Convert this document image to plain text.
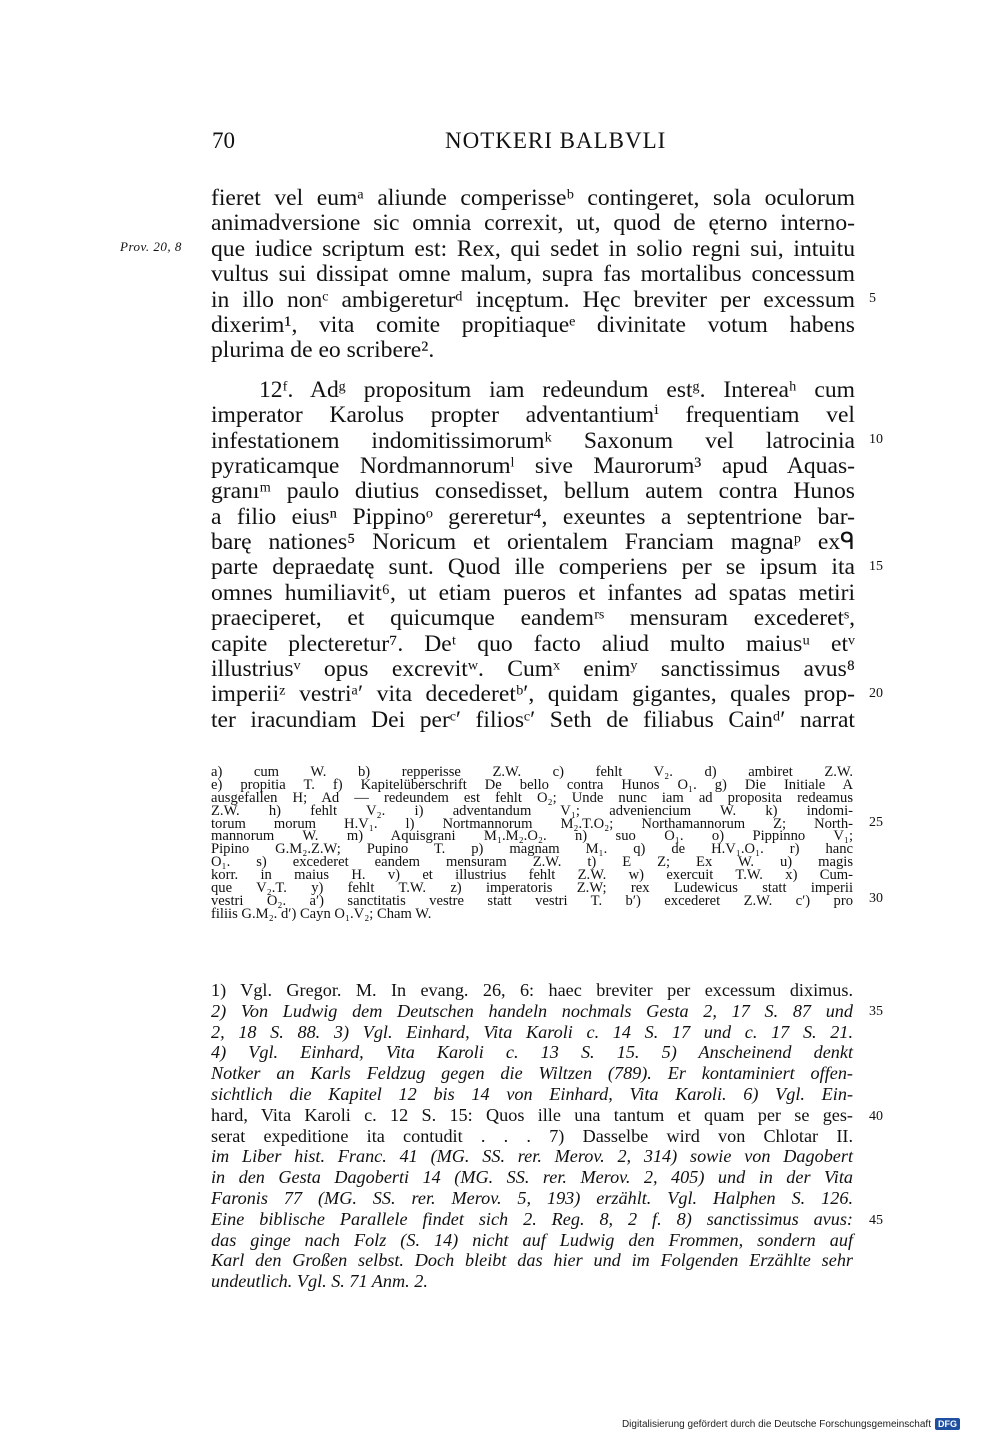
70	NOTKERI BALBVLI
Prov. 20, 8
fieret vel eumᵃ aliunde comperisseᵇ contingeret, sola oculorum
animadversione sic omnia correxit, ut, quod de ęterno interno-
que iudice scriptum est: Rex, qui sedet in solio regni sui, intuitu
vultus sui dissipat omne malum, supra fas mortalibus concessum
in illo nonᶜ ambigereturᵈ incęptum. Hęc breviter per excessum
dixerim¹, vita comite propitiaqueᵉ divinitate votum habens
plurima de eo scribere².
12ᶠ. Adᵍ propositum iam redeundum estᵍ. Intereaʰ cum
imperator Karolus propter adventantiumⁱ frequentiam vel
infestationem indomitissimorumᵏ Saxonum vel latrocinia
pyraticamque Nordmannorumˡ sive Maurorum³ apud Aquas-
granıᵐ paulo diutius consedisset, bellum autem contra Hunos
a filio eiusⁿ Pippinoᵒ gereretur⁴, exeuntes a septentrione bar-
barę nationes⁵ Noricum et orientalem Franciam magnaᵖ exᑫ
parte depraedatę sunt. Quod ille comperiens per se ipsum ita
omnes humiliavit⁶, ut etiam pueros et infantes ad spatas metiri
praeciperet, et quicumque eandemʳˢ mensuram excederetˢ,
capite plecteretur⁷. Deᵗ quo facto aliud multo maiusᵘ etᵛ
illustriusᵛ opus excrevitʷ. Cumˣ enimʸ sanctissimus avus⁸
imperiiᶻ vestriᵃ′ vita decederetᵇ′, quidam gigantes, quales prop-
ter iracundiam Dei perᶜ′ filiosᶜ′ Seth de filiabus Cainᵈ′ narrat
5
10
15
20
a) cum W. b) repperisse Z.W. c) fehlt V₂. d) ambiret Z.W.
e) propitia T. f) Kapitelüberschrift De bello contra Hunos O₁. g) Die Initiale A
ausgefallen H; Ad — redeundem est fehlt O₂; Unde nunc iam ad proposita redeamus
Z.W. h) fehlt V₂. i) adventandum V₁; adveniencium W. k) indomi-
torum morum H.V₁. l) Nortmannorum M₂.T.O₂; Northamannorum Z; North-
mannorum W. m) Aquisgrani M₁.M₂.O₂. n) suo O₁. o) Pippinno V₁;
Pipino G.M₂.Z.W; Pupino T. p) magnam M₁. q) de H.V₁.O₁. r) hanc
O₁. s) excederet eandem mensuram Z.W. t) E Z; Ex W. u) magis
korr. in maius H. v) et illustrius fehlt Z.W. w) exercuit T.W. x) Cum-
que V₂.T. y) fehlt T.W. z) imperatoris Z.W; rex Ludewicus statt imperii
vestri O₂. a′) sanctitatis vestre statt vestri T. b′) excederet Z.W. c′) pro
filiis G.M₂. d′) Cayn O₁.V₂; Cham W.
25
30
1) Vgl. Gregor. M. In evang. 26, 6: haec breviter per excessum diximus.
2) Von Ludwig dem Deutschen handeln nochmals Gesta 2, 17 S. 87 und
2, 18 S. 88. 3) Vgl. Einhard, Vita Karoli c. 14 S. 17 und c. 17 S. 21.
4) Vgl. Einhard, Vita Karoli c. 13 S. 15. 5) Anscheinend denkt
Notker an Karls Feldzug gegen die Wiltzen (789). Er kontaminiert offen-
sichtlich die Kapitel 12 bis 14 von Einhard, Vita Karoli. 6) Vgl. Ein-
hard, Vita Karoli c. 12 S. 15: Quos ille una tantum et quam per se ges-
serat expeditione ita contudit . . . 7) Dasselbe wird von Chlotar II.
im Liber hist. Franc. 41 (MG. SS. rer. Merov. 2, 314) sowie von Dagobert
in den Gesta Dagoberti 14 (MG. SS. rer. Merov. 2, 405) und in der Vita
Faronis 77 (MG. SS. rer. Merov. 5, 193) erzählt. Vgl. Halphen S. 126.
Eine biblische Parallele findet sich 2. Reg. 8, 2 f. 8) sanctissimus avus:
das ginge nach Folz (S. 14) nicht auf Ludwig den Frommen, sondern auf
Karl den Großen selbst. Doch bleibt das hier und im Folgenden Erzählte sehr
undeutlich. Vgl. S. 71 Anm. 2.
35
40
45
Digitalisierung gefördert durch die Deutsche Forschungsgemeinschaft DFG
